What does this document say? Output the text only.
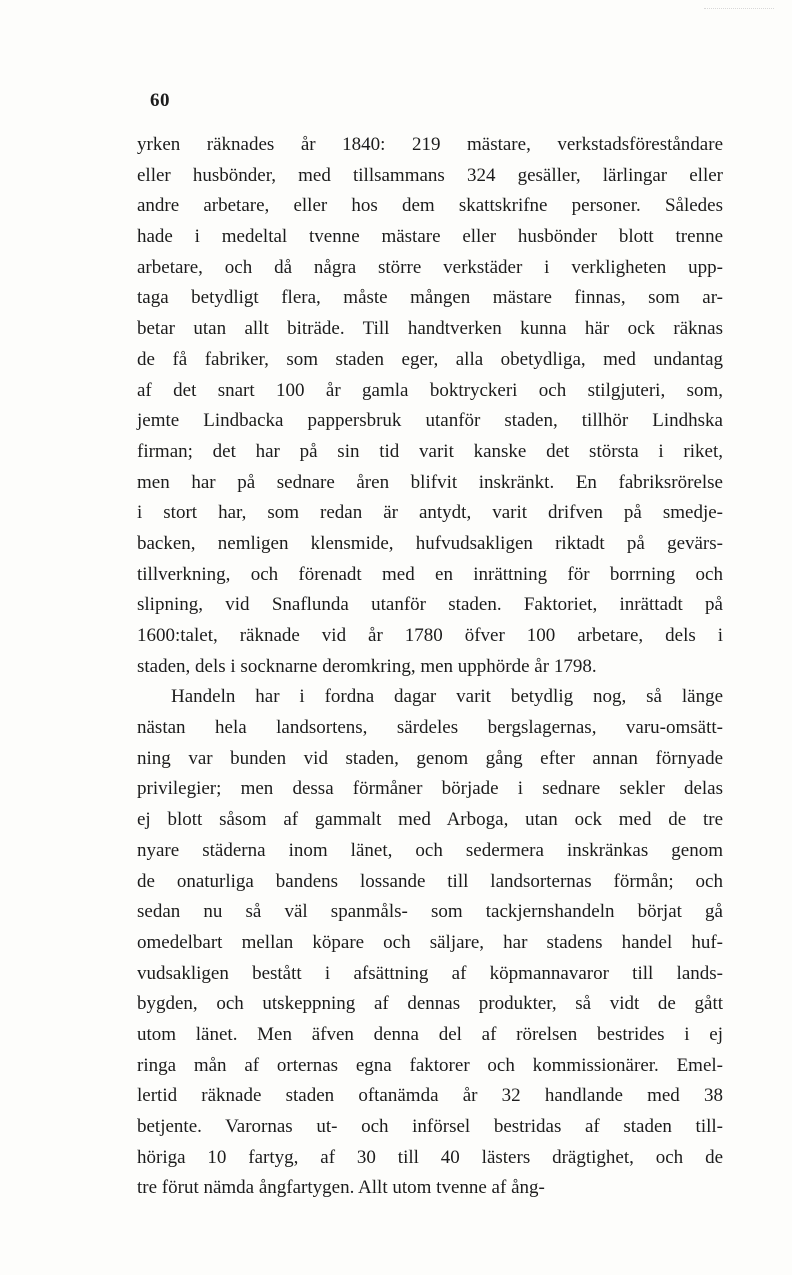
60
yrken räknades år 1840: 219 mästare, verkstadsföreståndare
eller husbönder, med tillsammans 324 gesäller, lärlingar eller
andre arbetare, eller hos dem skattskrifne personer. Således
hade i medeltal tvenne mästare eller husbönder blott trenne
arbetare, och då några större verkstäder i verkligheten upp-
taga betydligt flera, måste mången mästare finnas, som ar-
betar utan allt biträde. Till handtverken kunna här ock räknas
de få fabriker, som staden eger, alla obetydliga, med undantag
af det snart 100 år gamla boktryckeri och stilgjuteri, som,
jemte Lindbacka pappersbruk utanför staden, tillhör Lindhska
firman; det har på sin tid varit kanske det största i riket,
men har på sednare åren blifvit inskränkt. En fabriksrörelse
i stort har, som redan är antydt, varit drifven på smedje-
backen, nemligen klensmide, hufvudsakligen riktadt på gevärs-
tillverkning, och förenadt med en inrättning för borrning och
slipning, vid Snaflunda utanför staden. Faktoriet, inrättadt på
1600:talet, räknade vid år 1780 öfver 100 arbetare, dels i
staden, dels i socknarne deromkring, men upphörde år 1798.
Handeln har i fordna dagar varit betydlig nog, så länge
nästan hela landsortens, särdeles bergslagernas, varu-omsätt-
ning var bunden vid staden, genom gång efter annan förnyade
privilegier; men dessa förmåner började i sednare sekler delas
ej blott såsom af gammalt med Arboga, utan ock med de tre
nyare städerna inom länet, och sedermera inskränkas genom
de onaturliga bandens lossande till landsorternas förmån; och
sedan nu så väl spanmåls- som tackjernshandeln börjat gå
omedelbart mellan köpare och säljare, har stadens handel huf-
vudsakligen bestått i afsättning af köpmannavaror till lands-
bygden, och utskeppning af dennas produkter, så vidt de gått
utom länet. Men äfven denna del af rörelsen bestrides i ej
ringa mån af orternas egna faktorer och kommissionärer. Emel-
lertid räknade staden oftanämda år 32 handlande med 38
betjente. Varornas ut- och införsel bestridas af staden till-
höriga 10 fartyg, af 30 till 40 lästers drägtighet, och de
tre förut nämda ångfartygen. Allt utom tvenne af ång-
